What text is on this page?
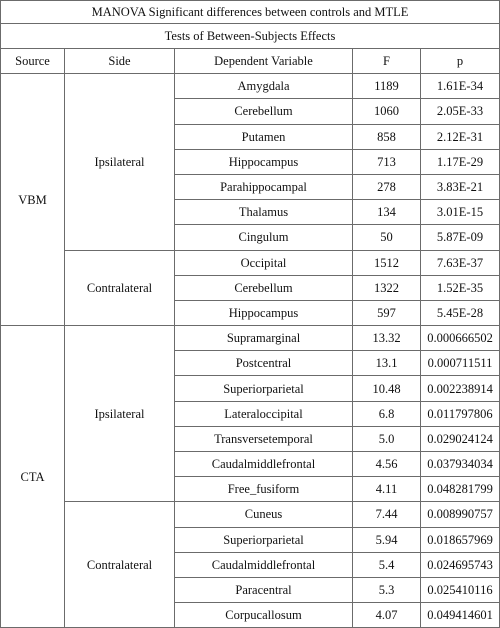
MANOVA Significant differences between controls and MTLE				
Tests of Between-Subjects Effects				
Source	Side	Dependent Variable	F	p
VBM	Ipsilateral	Amygdala	1189	1.61E-34
		Cerebellum	1060	2.05E-33
		Putamen	858	2.12E-31
		Hippocampus	713	1.17E-29
		Parahippocampal	278	3.83E-21
		Thalamus	134	3.01E-15
		Cingulum	50	5.87E-09
	Contralateral	Occipital	1512	7.63E-37
		Cerebellum	1322	1.52E-35
		Hippocampus	597	5.45E-28
CTA	Ipsilateral	Supramarginal	13.32	0.000666502
		Postcentral	13.1	0.000711511
		Superiorparietal	10.48	0.002238914
		Lateraloccipital	6.8	0.011797806
		Transversetemporal	5.0	0.029024124
		Caudalmiddlefrontal	4.56	0.037934034
		Free_fusiform	4.11	0.048281799
	Contralateral	Cuneus	7.44	0.008990757
		Superiorparietal	5.94	0.018657969
		Caudalmiddlefrontal	5.4	0.024695743
		Paracentral	5.3	0.025410116
		Corpucallosum	4.07	0.049414601
